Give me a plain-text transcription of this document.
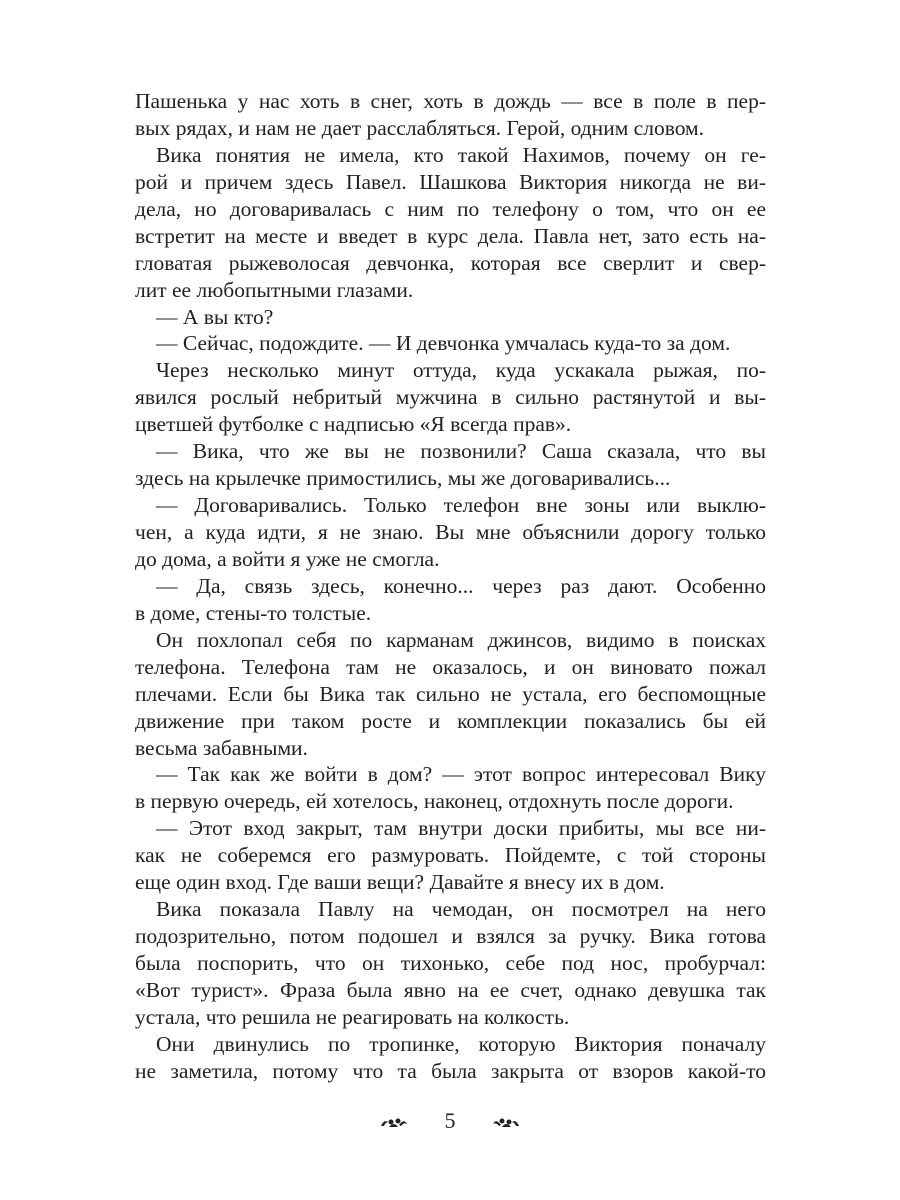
Пашенька у нас хоть в снег, хоть в дождь — все в поле в пер-
вых рядах, и нам не дает расслабляться. Герой, одним словом.
Вика понятия не имела, кто такой Нахимов, почему он ге-
рой и причем здесь Павел. Шашкова Виктория никогда не ви-
дела, но договаривалась с ним по телефону о том, что он ее
встретит на месте и введет в курс дела. Павла нет, зато есть на-
гловатая рыжеволосая девчонка, которая все сверлит и свер-
лит ее любопытными глазами.
— А вы кто?
— Сейчас, подождите. — И девчонка умчалась куда-то за дом.
Через несколько минут оттуда, куда ускакала рыжая, по-
явился рослый небритый мужчина в сильно растянутой и вы-
цветшей футболке с надписью «Я всегда прав».
— Вика, что же вы не позвонили? Саша сказала, что вы
здесь на крылечке примостились, мы же договаривались...
— Договаривались. Только телефон вне зоны или выклю-
чен, а куда идти, я не знаю. Вы мне объяснили дорогу только
до дома, а войти я уже не смогла.
— Да, связь здесь, конечно... через раз дают. Особенно
в доме, стены-то толстые.
Он похлопал себя по карманам джинсов, видимо в поисках
телефона. Телефона там не оказалось, и он виновато пожал
плечами. Если бы Вика так сильно не устала, его беспомощные
движение при таком росте и комплекции показались бы ей
весьма забавными.
— Так как же войти в дом? — этот вопрос интересовал Вику
в первую очередь, ей хотелось, наконец, отдохнуть после дороги.
— Этот вход закрыт, там внутри доски прибиты, мы все ни-
как не соберемся его размуровать. Пойдемте, с той стороны
еще один вход. Где ваши вещи? Давайте я внесу их в дом.
Вика показала Павлу на чемодан, он посмотрел на него
подозрительно, потом подошел и взялся за ручку. Вика готова
была поспорить, что он тихонько, себе под нос, пробурчал:
«Вот турист». Фраза была явно на ее счет, однако девушка так
устала, что решила не реагировать на колкость.
Они двинулись по тропинке, которую Виктория поначалу
не заметила, потому что та была закрыта от взоров какой-то
5
